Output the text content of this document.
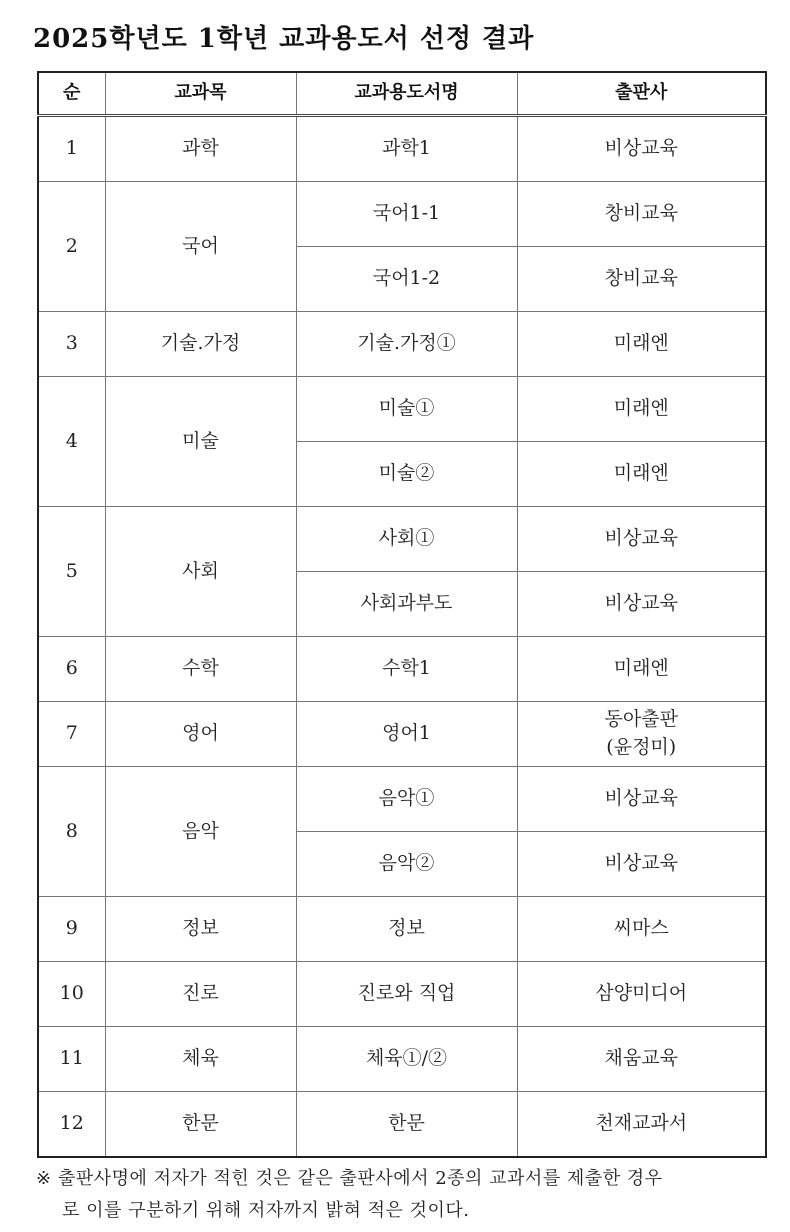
2025학년도 1학년 교과용도서 선정 결과
순	교과목	교과용도서명	출판사
1	과학	과학1	비상교육
2	국어	국어1-1	창비교육
		국어1-2	창비교육
3	기술.가정	기술.가정①	미래엔
4	미술	미술①	미래엔
		미술②	미래엔
5	사회	사회①	비상교육
		사회과부도	비상교육
6	수학	수학1	미래엔
7	영어	영어1	동아출판
(윤정미)

8	음악	음악①	비상교육
		음악②	비상교육
9	정보	정보	씨마스
10	진로	진로와 직업	삼양미디어
11	체육	체육①/②	채움교육
12	한문	한문	천재교과서
※ 출판사명에 저자가 적힌 것은 같은 출판사에서 2종의 교과서를 제출한 경우
로 이를 구분하기 위해 저자까지 밝혀 적은 것이다.
